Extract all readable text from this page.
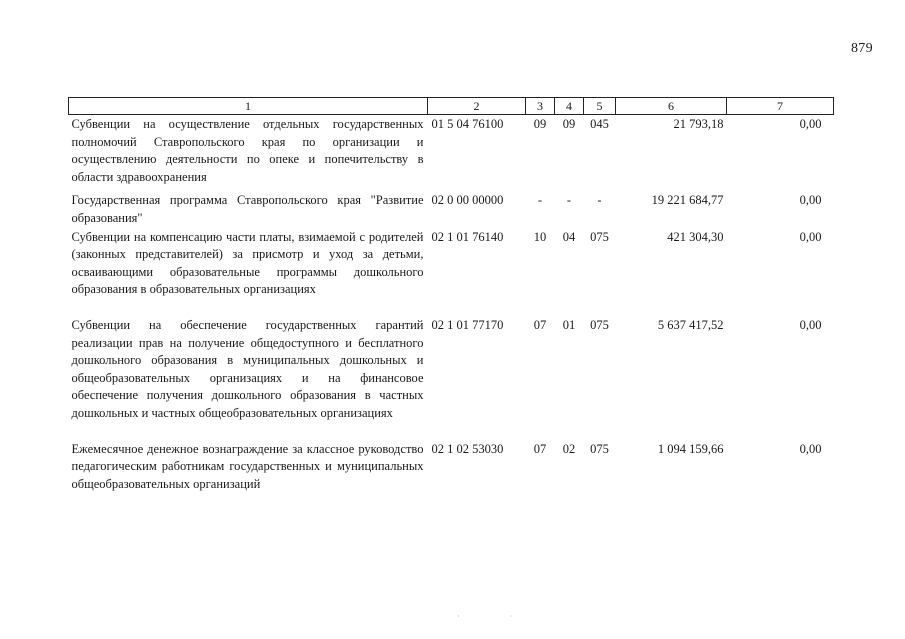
879
1	2	3	4	5	6	7
Субвенции на осуществление отдельных государственных полномочий Ставропольского края по организации и осуществлению деятельности по опеке и попечительству в области здравоохранения	01 5 04 76100	09	09	045	21 793,18	0,00
Государственная программа Ставропольского края "Развитие образования"	02 0 00 00000	-	-	-	19 221 684,77	0,00
Субвенции на компенсацию части платы, взимаемой с родителей (законных представителей) за присмотр и уход за детьми, осваивающими образовательные программы дошкольного образования в образовательных организациях	02 1 01 76140	10	04	075	421 304,30	0,00
Субвенции на обеспечение государственных гарантий реализации прав на получение общедоступного и бесплатного дошкольного образования в муниципальных дошкольных и общеобразовательных организациях и на финансовое обеспечение получения дошкольного образования в частных дошкольных и частных общеобразовательных организациях	02 1 01 77170	07	01	075	5 637 417,52	0,00
Ежемесячное денежное вознаграждение за классное руководство педагогическим работникам государственных и муниципальных общеобразовательных организаций	02 1 02 53030	07	02	075	1 094 159,66	0,00
· ·
